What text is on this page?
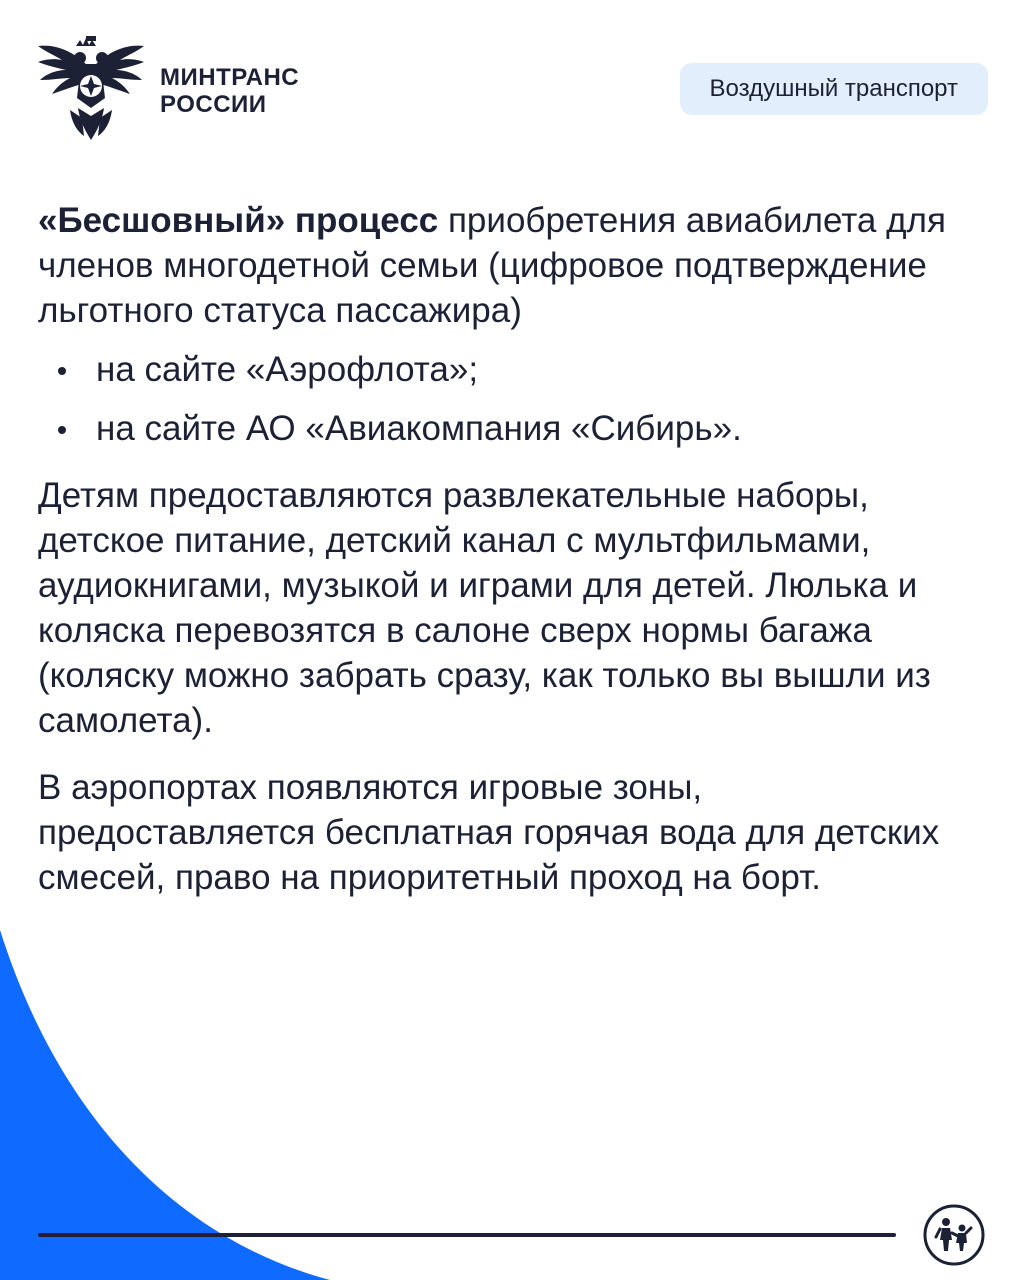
МИНТРАНС
РОССИИ
Воздушный транспорт

«Бесшовный» процесс приобретения авиабилета для членов многодетной семьи (цифровое подтверждение льготного статуса пассажира)

на сайте «Аэрофлота»;
на сайте АО «Авиакомпания «Сибирь».

Детям предоставляются развлекательные наборы, детское питание, детский канал с мультфильмами, аудиокнигами, музыкой и играми для детей. Люлька и коляска перевозятся в салоне сверх нормы багажа (коляску можно забрать сразу, как только вы вышли из самолета).

В аэропортах появляются игровые зоны, предоставляется бесплатная горячая вода для детских смесей, право на приоритетный проход на борт.
